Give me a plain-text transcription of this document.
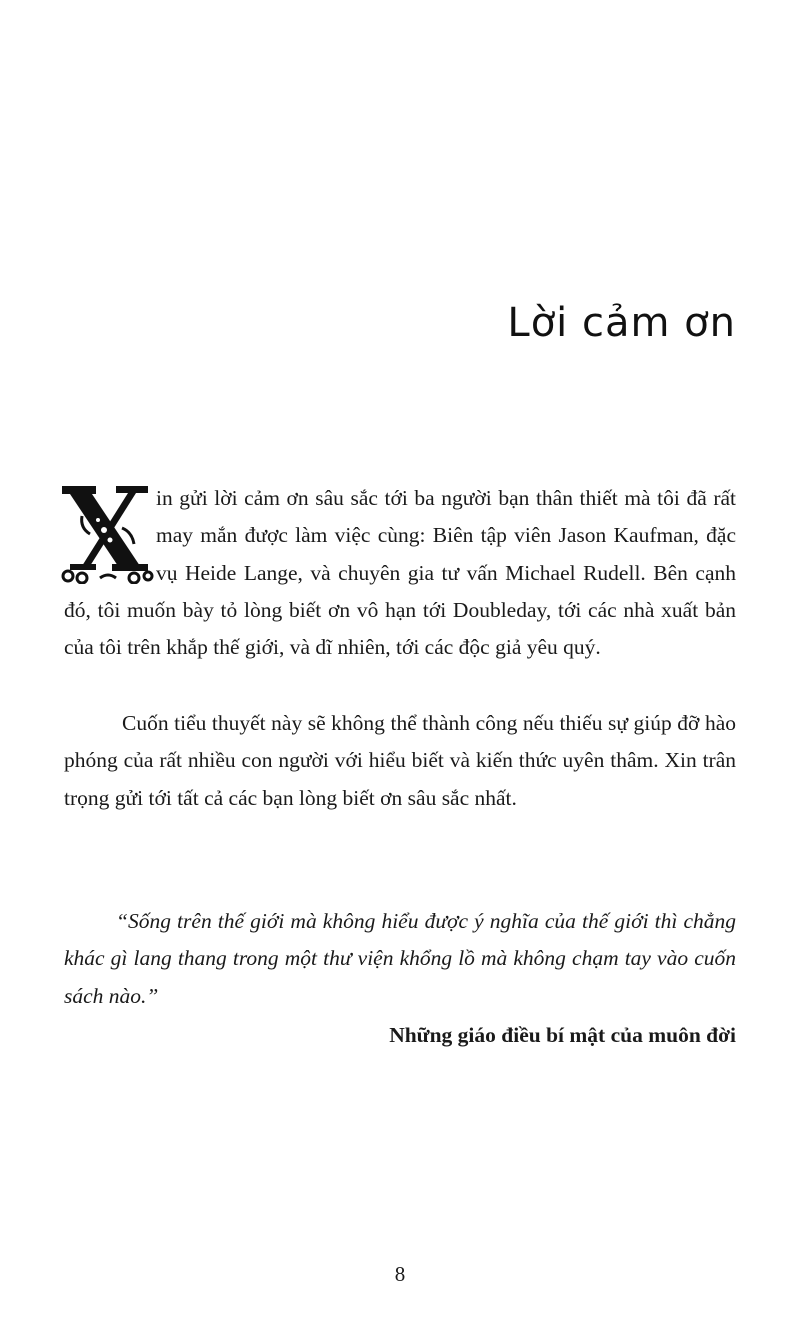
Lời cảm ơn

in gửi lời cảm ơn sâu sắc tới ba người bạn thân thiết mà tôi đã rất may mắn được làm việc cùng: Biên tập viên Jason Kaufman, đặc vụ Heide Lange, và chuyên gia tư vấn Michael Rudell. Bên cạnh đó, tôi muốn bày tỏ lòng biết ơn vô hạn tới Doubleday, tới các nhà xuất bản của tôi trên khắp thế giới, và dĩ nhiên, tới các độc giả yêu quý.

Cuốn tiểu thuyết này sẽ không thể thành công nếu thiếu sự giúp đỡ hào phóng của rất nhiều con người với hiểu biết và kiến thức uyên thâm. Xin trân trọng gửi tới tất cả các bạn lòng biết ơn sâu sắc nhất.

“Sống trên thế giới mà không hiểu được ý nghĩa của thế giới thì chẳng khác gì lang thang trong một thư viện khổng lồ mà không chạm tay vào cuốn sách nào.”

Những giáo điều bí mật của muôn đời

8
